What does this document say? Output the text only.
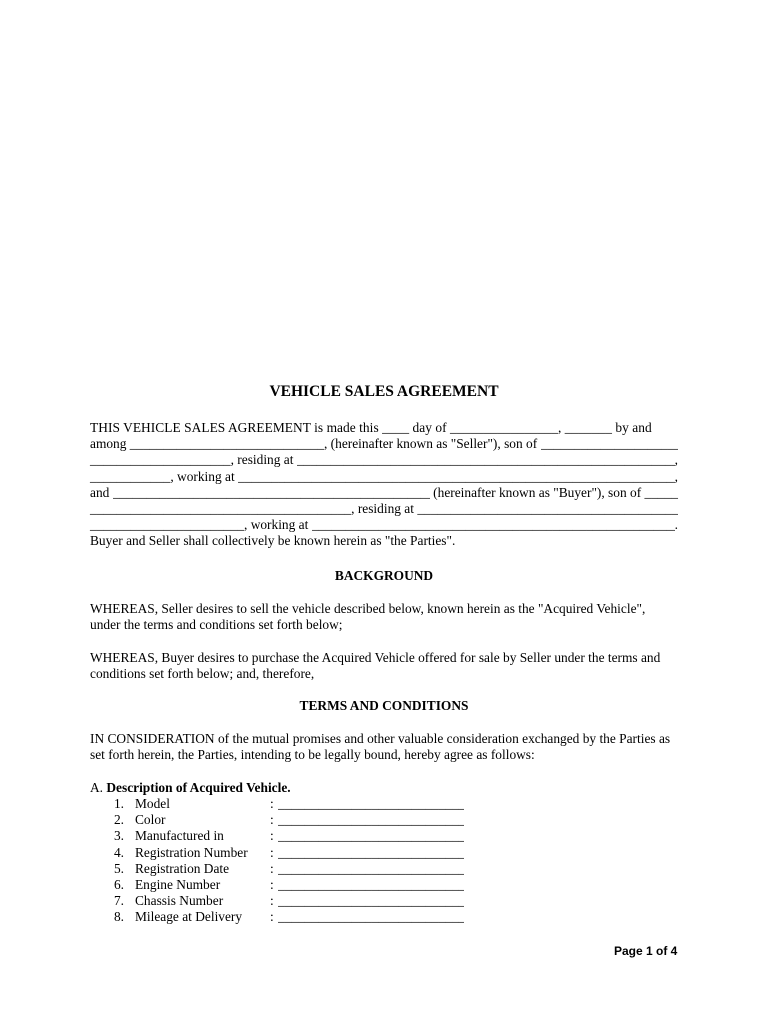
VEHICLE SALES AGREEMENT
THIS VEHICLE SALES AGREEMENT is made this ____ day of ________________, _______ by and
among _____________________________ , (hereinafter known as "Seller"), son of
_____
_____________________ , residing at _____	,
____________ , working at _____	,
and _____	(hereinafter known as "Buyer"), son of _____
_______________________________________ , residing at
_____
_______________________ , working at _____	.
Buyer and Seller shall collectively be known herein as "the Parties".
BACKGROUND
WHEREAS, Seller desires to sell the vehicle described below, known herein as the "Acquired Vehicle", under the terms and conditions set forth below;
WHEREAS, Buyer desires to purchase the Acquired Vehicle offered for sale by Seller under the terms and conditions set forth below; and, therefore,
TERMS AND CONDITIONS
IN CONSIDERATION of the mutual promises and other valuable consideration exchanged by the Parties as set forth herein, the Parties, intending to be legally bound, hereby agree as follows:
A. Description of Acquired Vehicle.
1. Model	:
_____
2. Color	:
_____
3. Manufactured in	:
_____
4. Registration Number :
_____
5. Registration Date	:
_____
6. Engine Number	:
_____
7. Chassis Number	:
_____
8. Mileage at Delivery :
_____
Page 1 of 4
